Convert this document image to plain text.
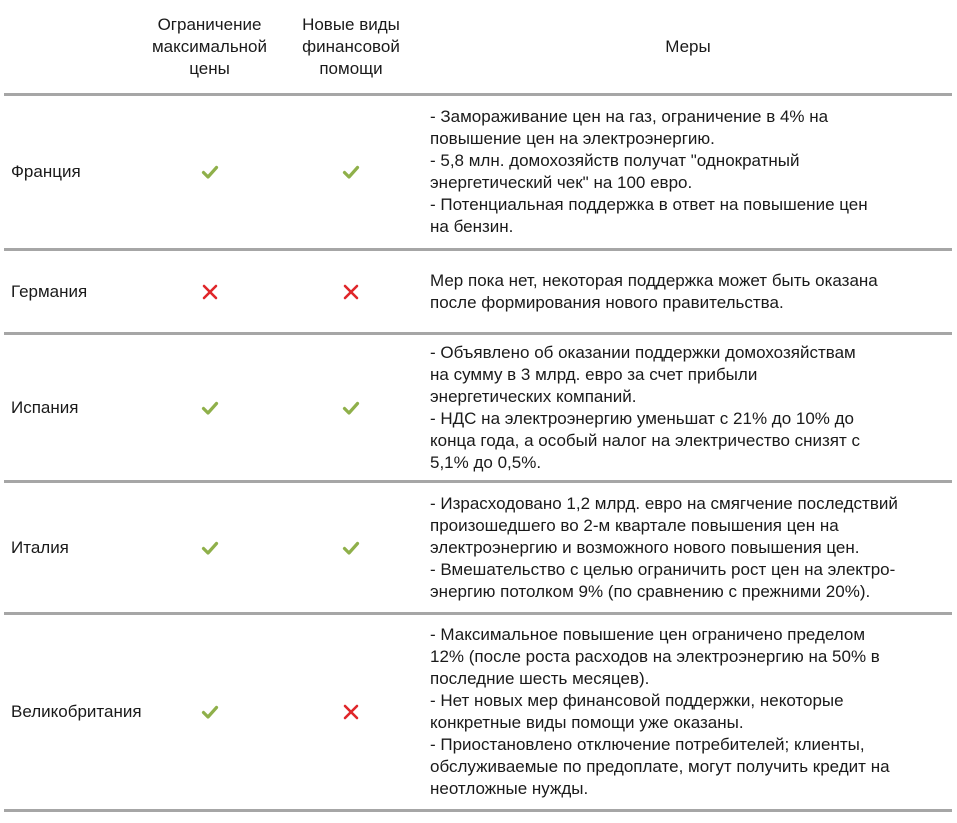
Ограничение максимальной цены
Новые виды финансовой помощи
Меры
Франция
- Замораживание цен на газ, ограничение в 4% на
повышение цен на электроэнергию.
- 5,8 млн. домохозяйств получат "однократный
энергетический чек" на 100 евро.
- Потенциальная поддержка в ответ на повышение цен
на бензин.
Германия
Мер пока нет, некоторая поддержка может быть оказана
после формирования нового правительства.
Испания
- Объявлено об оказании поддержки домохозяйствам
на сумму в 3 млрд. евро за счет прибыли
энергетических компаний.
- НДС на электроэнергию уменьшат с 21% до 10% до
конца года, а особый налог на электричество снизят с
5,1% до 0,5%.
Италия
- Израсходовано 1,2 млрд. евро на смягчение последствий
произошедшего во 2-м квартале повышения цен на
электроэнергию и возможного нового повышения цен.
- Вмешательство с целью ограничить рост цен на электро-
энергию потолком 9% (по сравнению с прежними 20%).
Великобритания
- Максимальное повышение цен ограничено пределом
12% (после роста расходов на электроэнергию на 50% в
последние шесть месяцев).
- Нет новых мер финансовой поддержки, некоторые
конкретные виды помощи уже оказаны.
- Приостановлено отключение потребителей; клиенты,
обслуживаемые по предоплате, могут получить кредит на
неотложные нужды.
